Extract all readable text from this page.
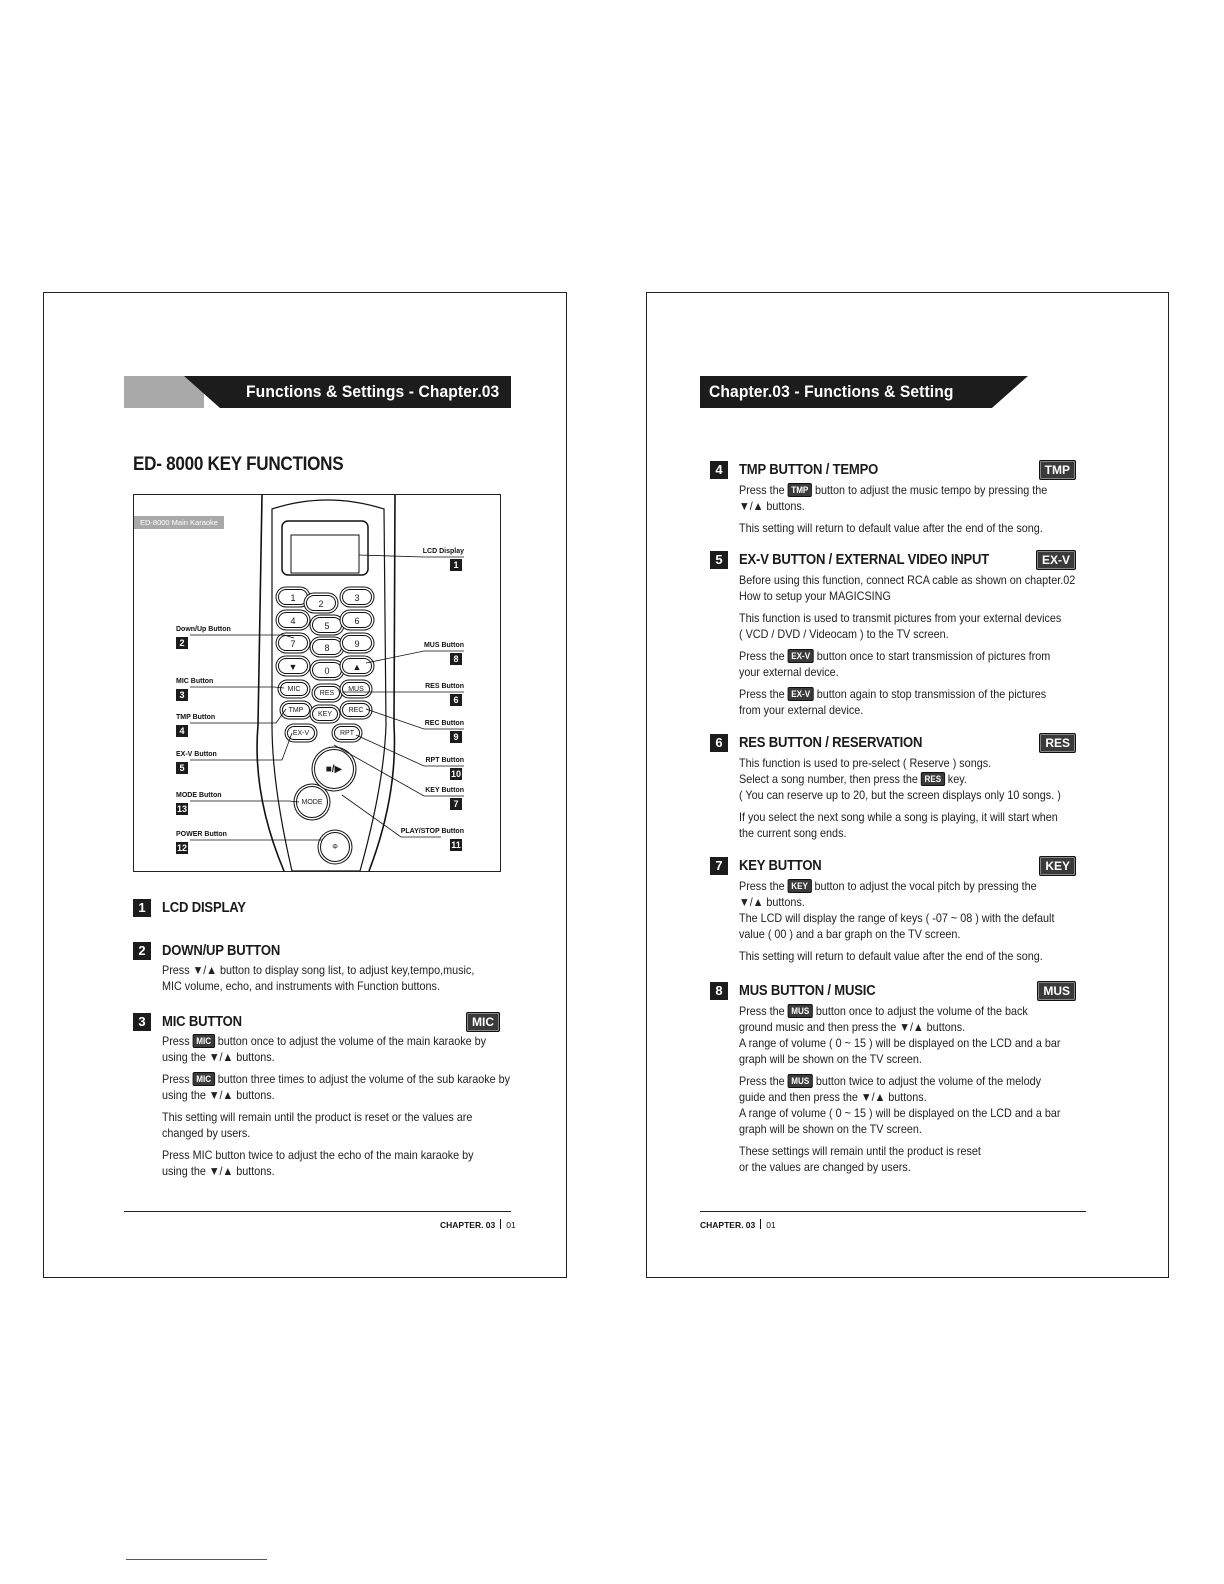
Functions & Settings - Chapter.03
ED- 8000 KEY FUNCTIONS
ED-8000 Main Karaoke
1
2
3
4	5	6
7	8	9
▼	0	▲
MIC
RES
MUS
TMP
KEY
REC
EX-V	RPT
MODE
■/▶
Φ
LCD Display
1
Down/Up Button
2	MUS Button
8
MIC Button
3
RES Button
6
TMP Button
4
REC Button
9
EX-V Button
5
RPT Button
10
KEY Button
7
MODE Button
13
POWER Button
12
PLAY/STOP Button
11
1	LCD DISPLAY
2	DOWN/UP BUTTON

Press ▼/▲ button to display song list, to adjust key,tempo,music,
MIC volume, echo, and instruments with Function buttons.

3	MIC BUTTON	MIC

Press MIC button once to adjust the volume of the main karaoke by
using the ▼/▲ buttons.

Press MIC button three times to adjust the volume of the sub karaoke by
using the ▼/▲ buttons.

This setting will remain until the product is reset or the values are
changed by users.

Press MIC button twice to adjust the echo of the main karaoke by
using the ▼/▲ buttons.

CHAPTER. 03 01
Chapter.03 - Functions & Setting
4	TMP BUTTON / TEMPO	TMP

Press the TMP button to adjust the music tempo by pressing the
▼/▲ buttons.

This setting will return to default value after the end of the song.

5	EX-V BUTTON / EXTERNAL VIDEO INPUT	EX-V

Before using this function, connect RCA cable as shown on chapter.02
How to setup your MAGICSING

This function is used to transmit pictures from your external devices
( VCD / DVD / Videocam ) to the TV screen.

Press the EX-V button once to start transmission of pictures from
your external device.

Press the EX-V button again to stop transmission of the pictures
from your external device.

6	RES BUTTON / RESERVATION	RES

This function is used to pre-select ( Reserve ) songs.
Select a song number, then press the RES key.
( You can reserve up to 20, but the screen displays only 10 songs. )

If you select the next song while a song is playing, it will start when
the current song ends.

7	KEY BUTTON	KEY

Press the KEY button to adjust the vocal pitch by pressing the
▼/▲ buttons.
The LCD will display the range of keys ( -07 ~ 08 ) with the default
value ( 00 ) and a bar graph on the TV screen.

This setting will return to default value after the end of the song.

8	MUS BUTTON / MUSIC	MUS

Press the MUS button once to adjust the volume of the back
ground music and then press the ▼/▲ buttons.
A range of volume ( 0 ~ 15 ) will be displayed on the LCD and a bar
graph will be shown on the TV screen.

Press the MUS button twice to adjust the volume of the melody
guide and then press the ▼/▲ buttons.
A range of volume ( 0 ~ 15 ) will be displayed on the LCD and a bar
graph will be shown on the TV screen.

These settings will remain until the product is reset
or the values are changed by users.

CHAPTER. 03 01
